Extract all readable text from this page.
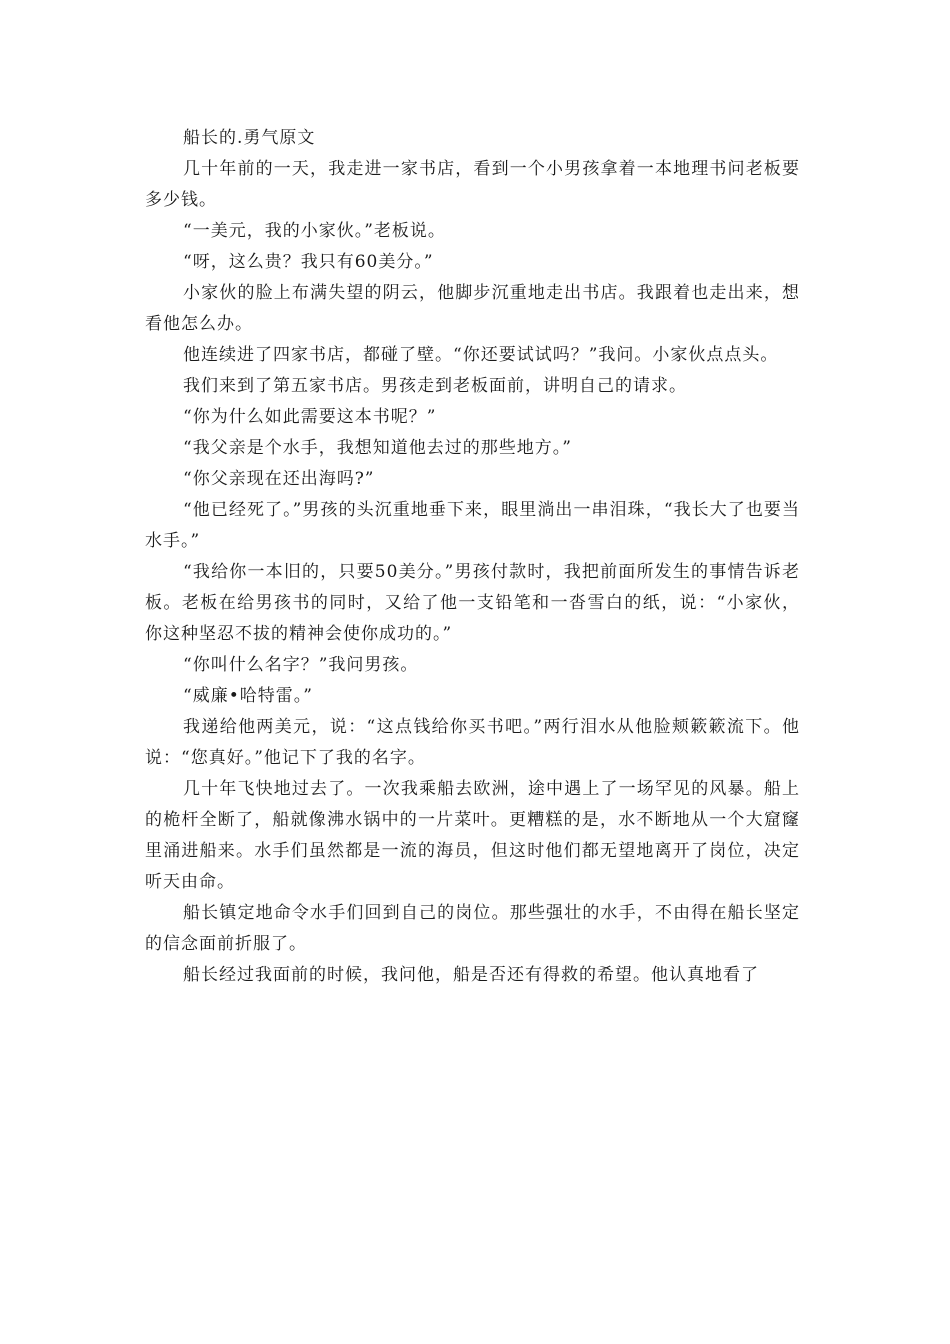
船长的.勇气原文

几十年前的一天，我走进一家书店，看到一个小男孩拿着一本地理书问老板要多少钱。

“一美元，我的小家伙。”老板说。

“呀，这么贵？我只有60美分。”

小家伙的脸上布满失望的阴云，他脚步沉重地走出书店。我跟着也走出来，想看他怎么办。

他连续进了四家书店，都碰了壁。“你还要试试吗？”我问。小家伙点点头。

我们来到了第五家书店。男孩走到老板面前，讲明自己的请求。

“你为什么如此需要这本书呢？”

“我父亲是个水手，我想知道他去过的那些地方。”

“你父亲现在还出海吗?”

“他已经死了。”男孩的头沉重地垂下来，眼里淌出一串泪珠，“我长大了也要当水手。”

“我给你一本旧的，只要50美分。”男孩付款时，我把前面所发生的事情告诉老板。老板在给男孩书的同时，又给了他一支铅笔和一沓雪白的纸，说：“小家伙，你这种坚忍不拔的精神会使你成功的。”

“你叫什么名字？”我问男孩。

“威廉•哈特雷。”

我递给他两美元，说：“这点钱给你买书吧。”两行泪水从他脸颊簌簌流下。他说：“您真好。”他记下了我的名字。

几十年飞快地过去了。一次我乘船去欧洲，途中遇上了一场罕见的风暴。船上的桅杆全断了，船就像沸水锅中的一片菜叶。更糟糕的是，水不断地从一个大窟窿里涌进船来。水手们虽然都是一流的海员，但这时他们都无望地离开了岗位，决定听天由命。

船长镇定地命令水手们回到自己的岗位。那些强壮的水手，不由得在船长坚定的信念面前折服了。

船长经过我面前的时候，我问他，船是否还有得救的希望。他认真地看了
